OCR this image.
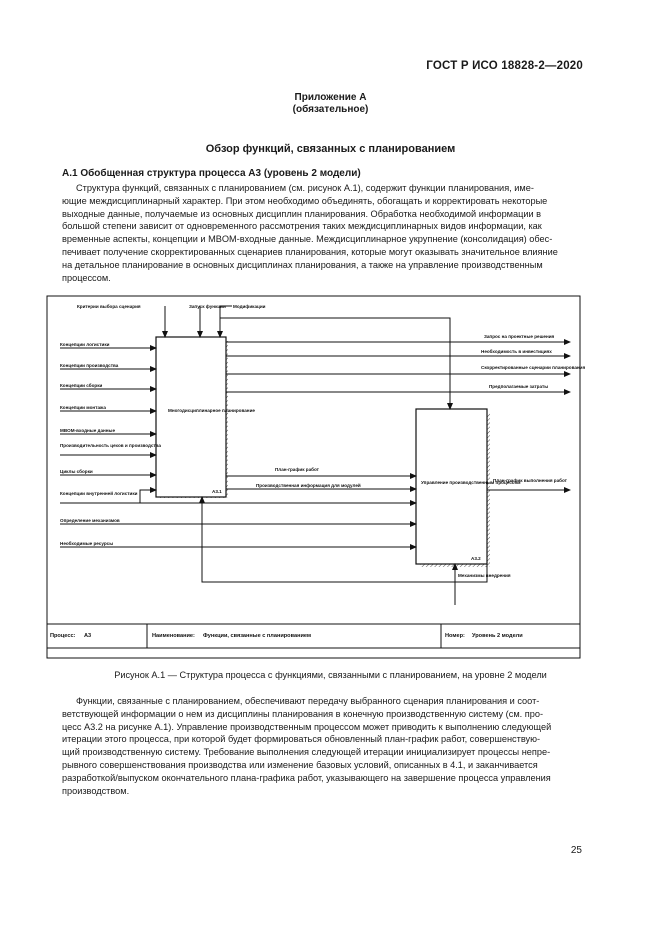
ГОСТ Р ИСО 18828-2—2020
Приложение А
(обязательное)
Обзор функций, связанных с планированием
А.1 Обобщенная структура процесса А3 (уровень 2 модели)

Структура функций, связанных с планированием (см. рисунок А.1), содержит функции планирования, име-

ющие междисциплинарный характер. При этом необходимо объединять, обогащать и корректировать некоторые

выходные данные, получаемые из основных дисциплин планирования. Обработка необходимой информации в

большой степени зависит от одновременного рассмотрения таких междисциплинарных видов информации, как

временные аспекты, концепции и MBOM-входные данные. Междисциплинарное укрупнение (консолидация) обес-

печивает получение скорректированных сценариев планирования, которые могут оказывать значительное влияние

на детальное планирование в основных дисциплинах планирования, а также на управление производственным

процессом.

Критерии выбора сценария	Запуск функции Модификации
Концепции логистики
Концепции производства
Концепции сборки
Концепции монтажа
MBOM-входные данные
Производительность цехов и производства
Циклы сборки
Концепции внутренней логистики
Определение механизмов
Необходимые ресурсы
Многодисциплинарное планирование
А3.1
Управление производственным процессом
А3.2
План-график работ
Производственная информация для модулей
Запрос на проектные решения
Необходимость в инвестициях
Скорректированные сценарии планирования
Предполагаемые затраты
План-график выполнения работ
Механизмы внедрения
Процесс: А3	Наименование: Функции, связанные с планированием	Номер: Уровень 2 модели
Рисунок А.1 — Структура процесса с функциями, связанными с планированием, на уровне 2 модели

Функции, связанные с планированием, обеспечивают передачу выбранного сценария планирования и соот-

ветствующей информации о нем из дисциплины планирования в конечную производственную систему (см. про-

цесс А3.2 на рисунке А.1). Управление производственным процессом может приводить к выполнению следующей

итерации этого процесса, при которой будет формироваться обновленный план-график работ, совершенствую-

щий производственную систему. Требование выполнения следующей итерации инициализирует процессы непре-

рывного совершенствования производства или изменение базовых условий, описанных в 4.1, и заканчивается

разработкой/выпуском окончательного плана-графика работ, указывающего на завершение процесса управления

производством.

25
